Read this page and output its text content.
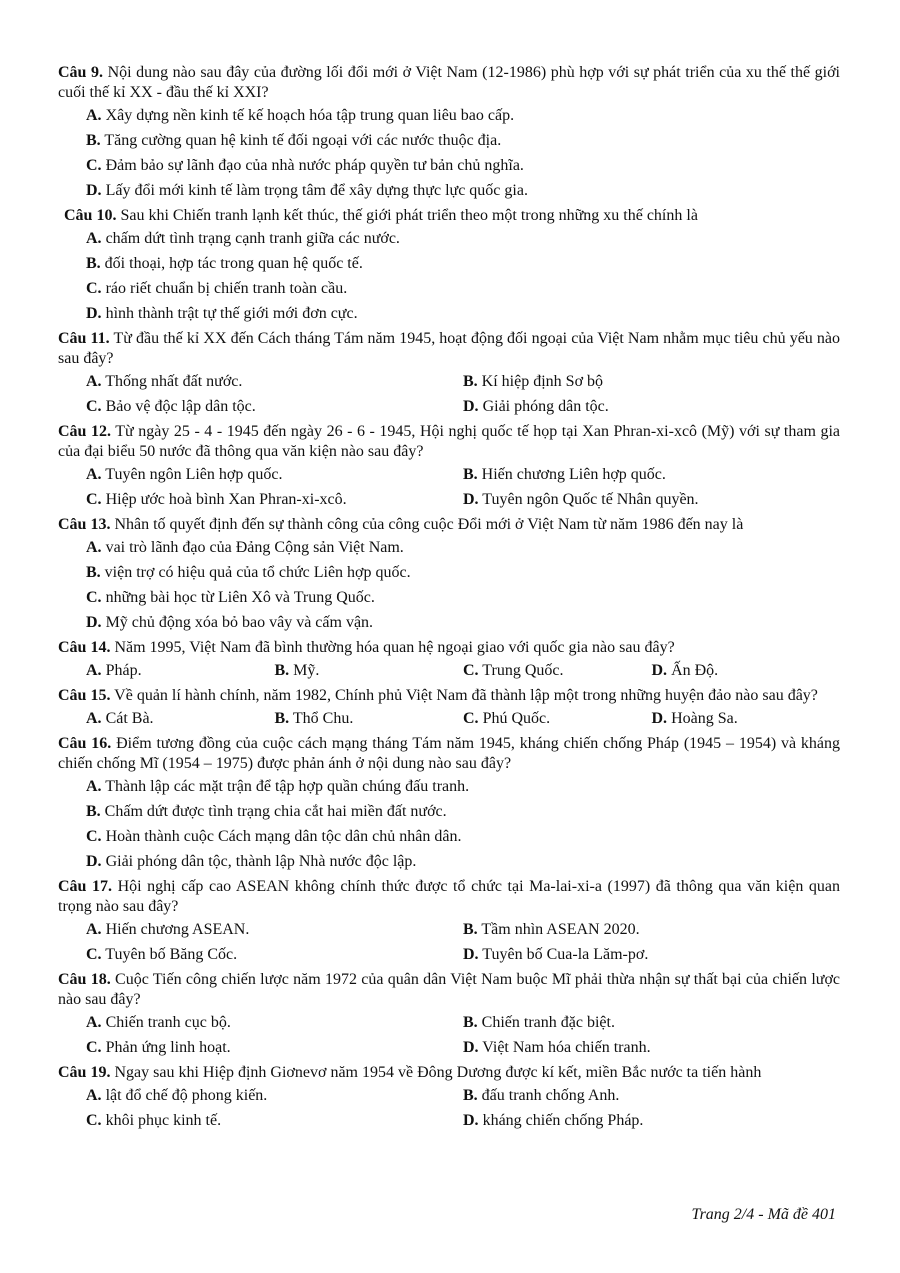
Câu 9. Nội dung nào sau đây của đường lối đổi mới ở Việt Nam (12-1986) phù hợp với sự phát triển của xu thế thế giới cuối thế kỉ XX - đầu thế kỉ XXI?

A. Xây dựng nền kinh tế kế hoạch hóa tập trung quan liêu bao cấp.
B. Tăng cường quan hệ kinh tế đối ngoại với các nước thuộc địa.
C. Đảm bảo sự lãnh đạo của nhà nước pháp quyền tư bản chủ nghĩa.
D. Lấy đổi mới kinh tế làm trọng tâm để xây dựng thực lực quốc gia.

Câu 10. Sau khi Chiến tranh lạnh kết thúc, thế giới phát triển theo một trong những xu thế chính là

A. chấm dứt tình trạng cạnh tranh giữa các nước.
B. đối thoại, hợp tác trong quan hệ quốc tế.
C. ráo riết chuẩn bị chiến tranh toàn cầu.
D. hình thành trật tự thế giới mới đơn cực.

Câu 11. Từ đầu thế kỉ XX đến Cách tháng Tám năm 1945, hoạt động đối ngoại của Việt Nam nhằm mục tiêu chủ yếu nào sau đây?

A. Thống nhất đất nước.	B. Kí hiệp định Sơ bộ
C. Bảo vệ độc lập dân tộc.	D. Giải phóng dân tộc.

Câu 12. Từ ngày 25 - 4 - 1945 đến ngày 26 - 6 - 1945, Hội nghị quốc tế họp tại Xan Phran-xi-xcô (Mỹ) với sự tham gia của đại biểu 50 nước đã thông qua văn kiện nào sau đây?

A. Tuyên ngôn Liên hợp quốc.	B. Hiến chương Liên hợp quốc.
C. Hiệp ước hoà bình Xan Phran-xi-xcô.	D. Tuyên ngôn Quốc tế Nhân quyền.

Câu 13. Nhân tố quyết định đến sự thành công của công cuộc Đổi mới ở Việt Nam từ năm 1986 đến nay là

A. vai trò lãnh đạo của Đảng Cộng sản Việt Nam.
B. viện trợ có hiệu quả của tổ chức Liên hợp quốc.
C. những bài học từ Liên Xô và Trung Quốc.
D. Mỹ chủ động xóa bỏ bao vây và cấm vận.

Câu 14. Năm 1995, Việt Nam đã bình thường hóa quan hệ ngoại giao với quốc gia nào sau đây?

A. Pháp.	B. Mỹ.	C. Trung Quốc.	D. Ấn Độ.

Câu 15. Về quản lí hành chính, năm 1982, Chính phủ Việt Nam đã thành lập một trong những huyện đảo nào sau đây?

A. Cát Bà.	B. Thổ Chu.	C. Phú Quốc.	D. Hoàng Sa.

Câu 16. Điểm tương đồng của cuộc cách mạng tháng Tám năm 1945, kháng chiến chống Pháp (1945 – 1954) và kháng chiến chống Mĩ (1954 – 1975) được phản ánh ở nội dung nào sau đây?

A. Thành lập các mặt trận để tập hợp quần chúng đấu tranh.
B. Chấm dứt được tình trạng chia cắt hai miền đất nước.
C. Hoàn thành cuộc Cách mạng dân tộc dân chủ nhân dân.
D. Giải phóng dân tộc, thành lập Nhà nước độc lập.

Câu 17. Hội nghị cấp cao ASEAN không chính thức được tổ chức tại Ma-lai-xi-a (1997) đã thông qua văn kiện quan trọng nào sau đây?

A. Hiến chương ASEAN.	B. Tầm nhìn ASEAN 2020.
C. Tuyên bố Băng Cốc.	D. Tuyên bố Cua-la Lăm-pơ.

Câu 18. Cuộc Tiến công chiến lược năm 1972 của quân dân Việt Nam buộc Mĩ phải thừa nhận sự thất bại của chiến lược nào sau đây?

A. Chiến tranh cục bộ.	B. Chiến tranh đặc biệt.
C. Phản ứng linh hoạt.	D. Việt Nam hóa chiến tranh.

Câu 19. Ngay sau khi Hiệp định Giơnevơ năm 1954 về Đông Dương được kí kết, miền Bắc nước ta tiến hành

A. lật đổ chế độ phong kiến.	B. đấu tranh chống Anh.
C. khôi phục kinh tế.	D. kháng chiến chống Pháp.
Trang 2/4 - Mã đề 401
